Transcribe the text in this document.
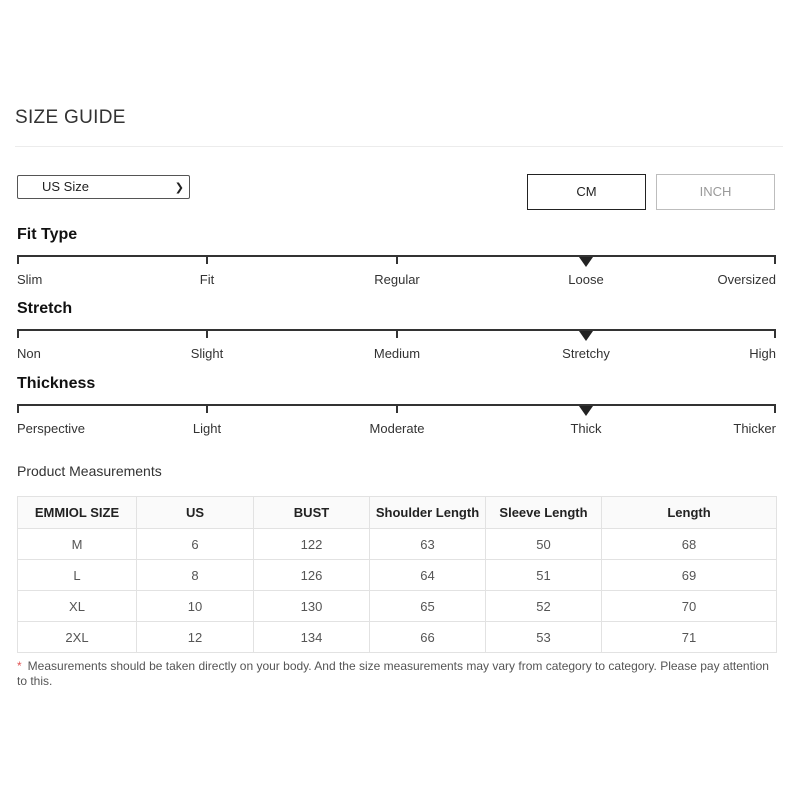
SIZE GUIDE
US Size	❯	CM	INCH
Fit Type
Slim	Fit	Regular	Loose	Oversized
Stretch
Non	Slight	Medium	Stretchy	High
Thickness
Perspective	Light	Moderate	Thick	Thicker
Product Measurements
EMMIOL SIZE	US	BUST	Shoulder Length	Sleeve Length	Length
M	6	122	63	50	68
L	8	126	64	51	69
XL	10	130	65	52	70
2XL	12	134	66	53	71
* Measurements should be taken directly on your body. And the size measurements may vary from category to category. Please pay attention to this.
